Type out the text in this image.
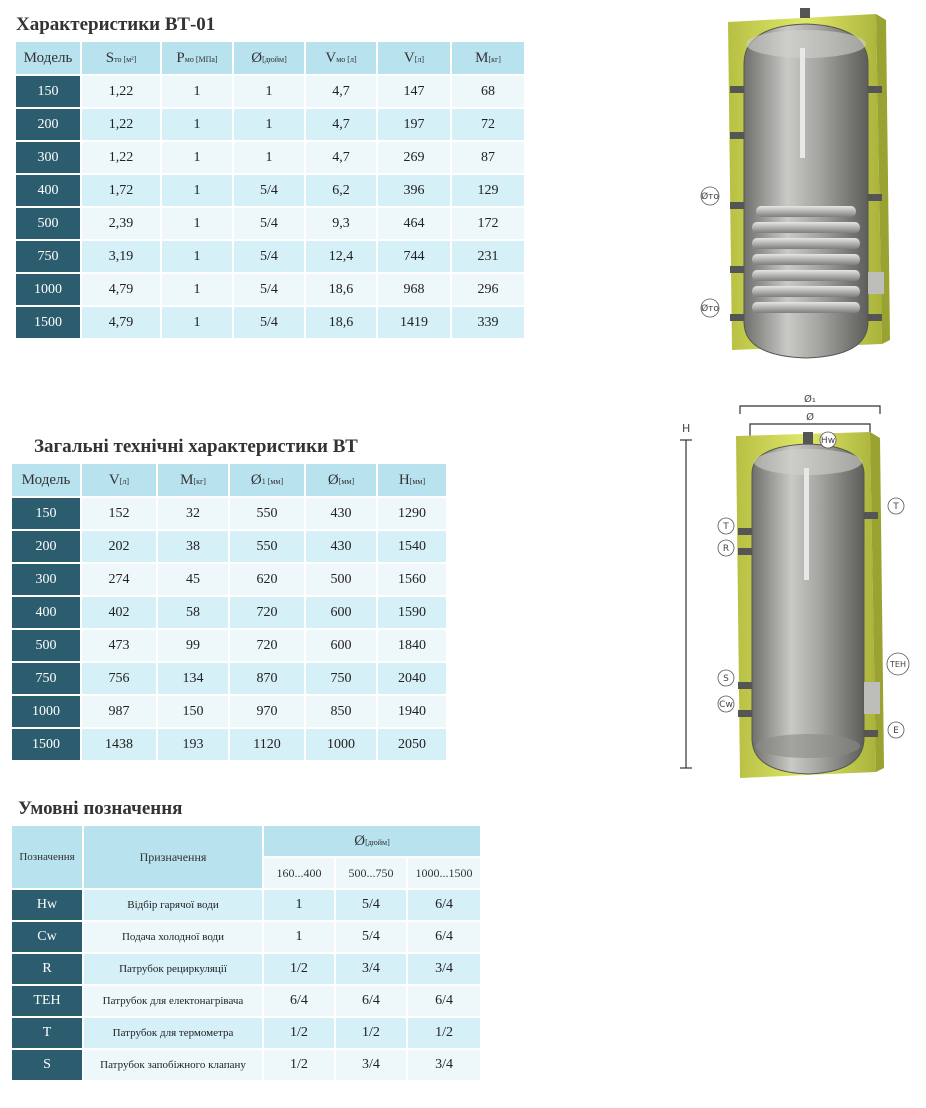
Характеристики ВТ-01
Модель	Sто [м²]	Pмо [МПа]	Ø[дюйм]	Vмо [л]	V[л]	M[кг]
150	1,22	1	1	4,7	147	68
200	1,22	1	1	4,7	197	72
300	1,22	1	1	4,7	269	87
400	1,72	1	5/4	6,2	396	129
500	2,39	1	5/4	9,3	464	172
750	3,19	1	5/4	12,4	744	231
1000	4,79	1	5/4	18,6	968	296
1500	4,79	1	5/4	18,6	1419	339
Загальні технічні характеристики ВТ
Модель	V[л]	M[кг]	Ø1 [мм]	Ø[мм]	H[мм]
150	152	32	550	430	1290
200	202	38	550	430	1540
300	274	45	620	500	1560
400	402	58	720	600	1590
500	473	99	720	600	1840
750	756	134	870	750	2040
1000	987	150	970	850	1940
1500	1438	193	1120	1000	2050
Умовні позначення
Позначення	Призначення	Ø[дюйм]		
		160...400	500...750	1000...1500
Hw	Відбір гарячої води	1	5/4	6/4
Cw	Подача холодної води	1	5/4	6/4
R	Патрубок рециркуляції	1/2	3/4	3/4
ТЕН	Патрубок для електонагрівача	6/4	6/4	6/4
T	Патрубок для термометра	1/2	1/2	1/2
S	Патрубок запобіжного клапану	1/2	3/4	3/4
Øто
Øто
H
Ø₁
Ø
Hw
T
T
R
ТЕН
S
Cw
E
